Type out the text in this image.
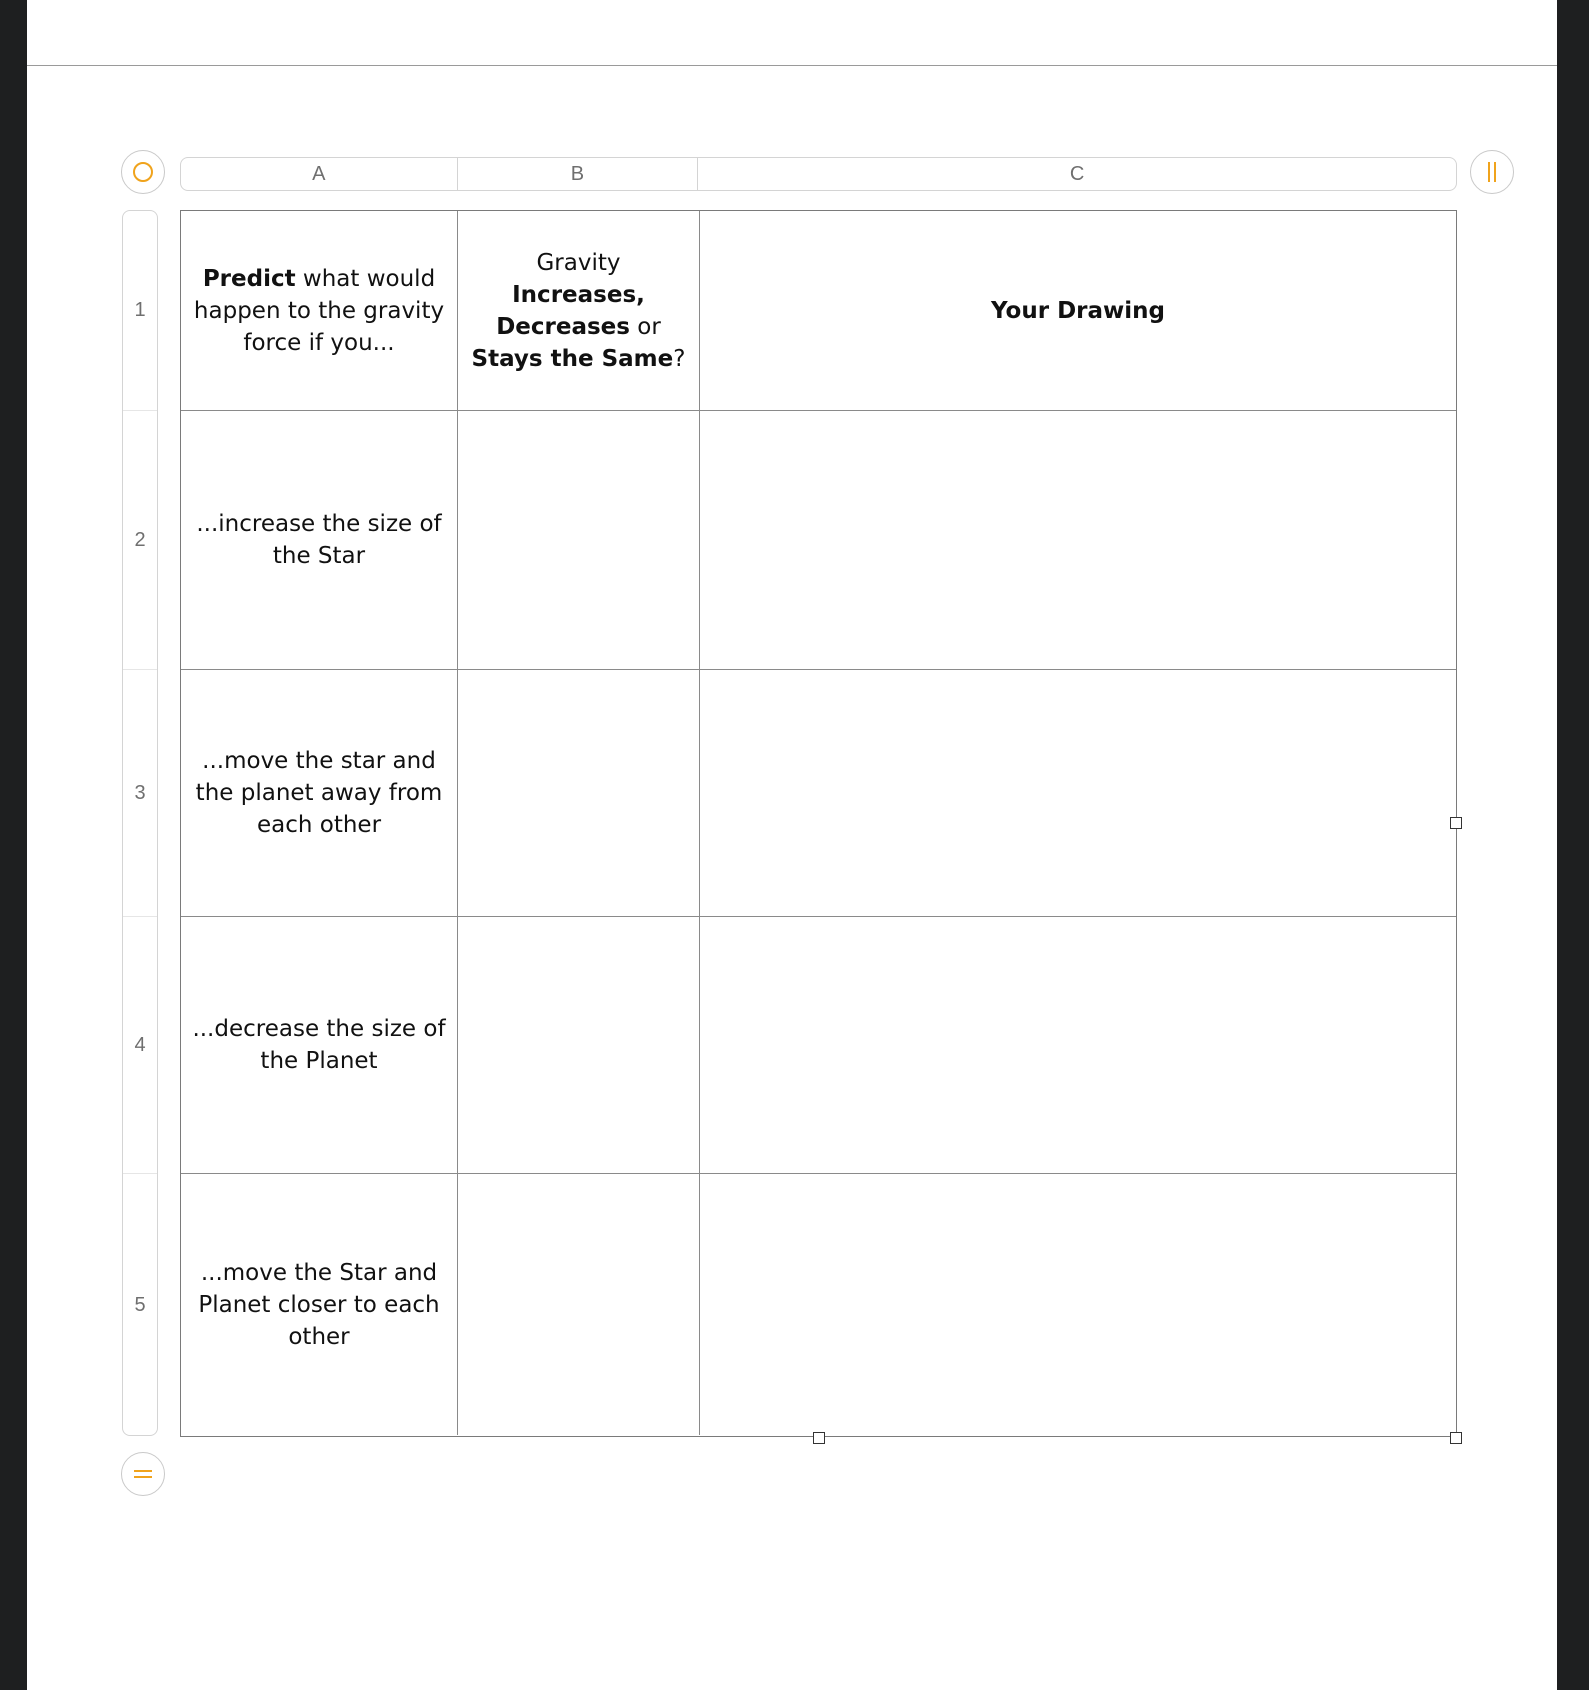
A	B	C
1
2
3
4
5
Predict what would happen to the gravity force if you...
Gravity Increases, Decreases or Stays the Same?
Your Drawing
...increase the size of the Star
...move the star and the planet away from each other
...decrease the size of the Planet
...move the Star and Planet closer to each other
